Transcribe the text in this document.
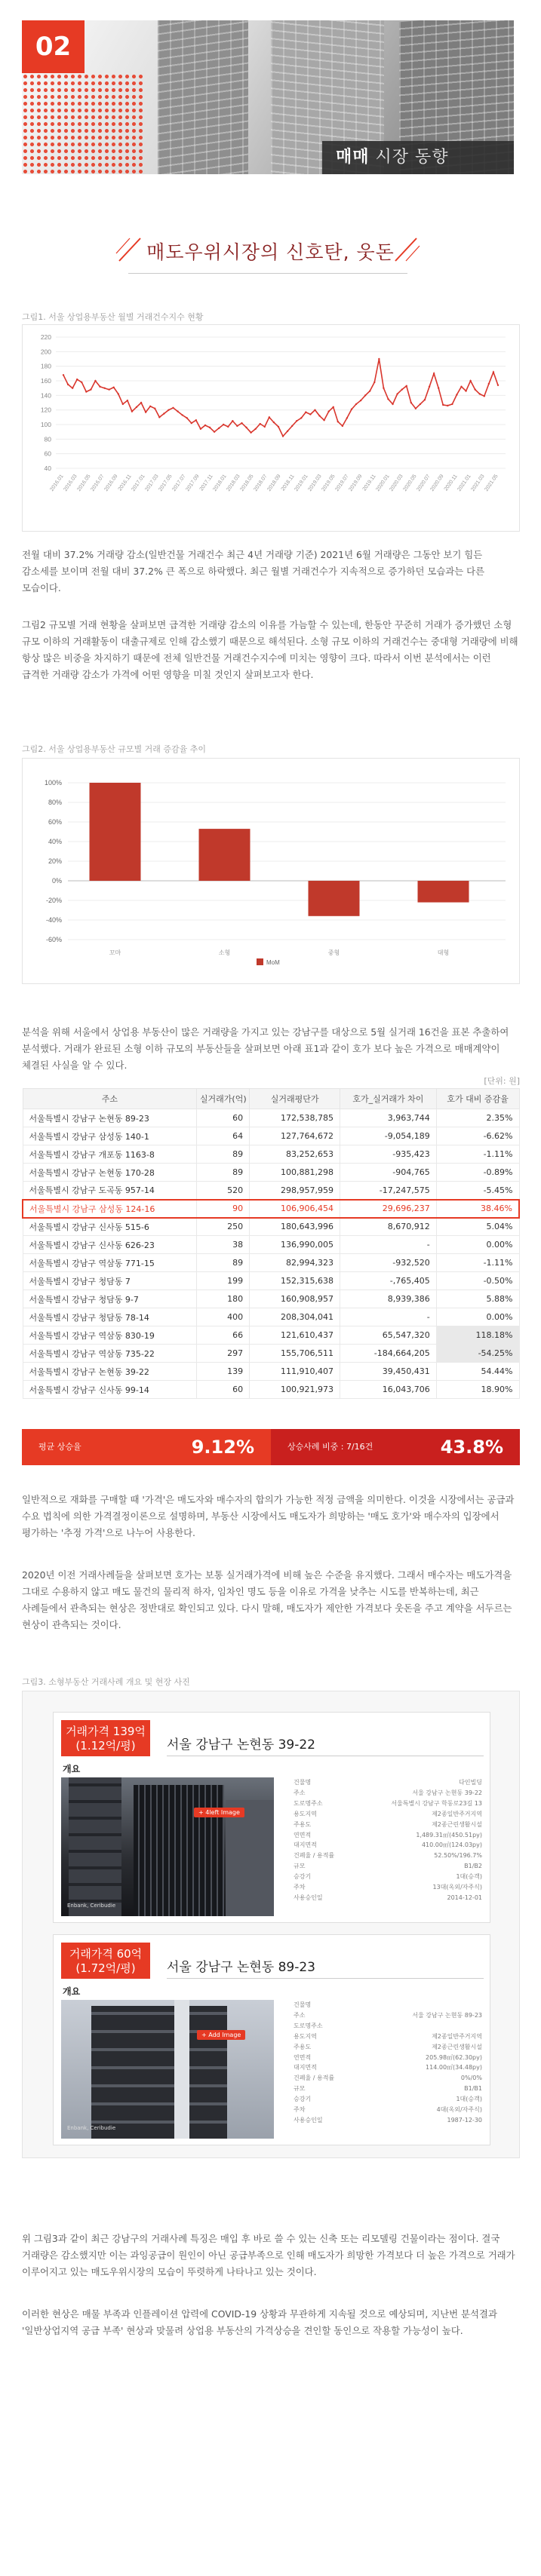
02
매매 시장 동향
매도우위시장의 신호탄, 웃돈
그림1. 서울 상업용부동산 월별 거래건수지수 현황
220
200
180
160
140
120
100
80
60
40
2016.01
2016.03
2016.05
2016.07
2016.09
2016.11
2017.01
2017.03
2017.05
2017.07
2017.09
2017.11
2018.01
2018.03
2018.05
2018.07
2018.09
2018.11
2019.01
2019.03
2019.05
2019.07
2019.09
2019.11
2020.01
2020.03
2020.05
2020.07
2020.09
2020.11
2021.01
2021.03
2021.05
전월 대비 37.2% 거래량 감소(일반건물 거래건수 최근 4년 거래량 기준) 2021년 6월 거래량은 그동안 보기 힘든 감소세를 보이며 전월 대비 37.2% 큰 폭으로 하락했다. 최근 월별 거래건수가 지속적으로 증가하던 모습과는 다른 모습이다.
그림2 규모별 거래 현황을 살펴보면 급격한 거래량 감소의 이유를 가늠할 수 있는데, 한동안 꾸준히 거래가 증가했던 소형 규모 이하의 거래활동이 대출규제로 인해 감소했기 때문으로 해석된다. 소형 규모 이하의 거래건수는 중대형 거래량에 비해 항상 많은 비중을 차지하기 때문에 전체 일반건물 거래건수지수에 미치는 영향이 크다. 따라서 이번 분석에서는 이런 급격한 거래량 감소가 가격에 어떤 영향을 미칠 것인지 살펴보고자 한다.
그림2. 서울 상업용부동산 규모별 거래 증감율 추이
100%
80%
60%
40%
20%
0%
-20%
-40%
-60%
꼬마	소형	중형	대형
MoM
분석을 위해 서울에서 상업용 부동산이 많은 거래량을 가지고 있는 강남구를 대상으로 5월 실거래 16건을 표본 추출하여 분석했다. 거래가 완료된 소형 이하 규모의 부동산들을 살펴보면 아래 표1과 같이 호가 보다 높은 가격으로 매매계약이 체결된 사실을 알 수 있다.
[단위: 원]
주소	실거래가(억)	실거래평단가	호가_실거래가 차이	호가 대비 증감율
서울특별시 강남구 논현동 89-23	60	172,538,785	3,963,744	2.35%
서울특별시 강남구 삼성동 140-1	64	127,764,672	-9,054,189	-6.62%
서울특별시 강남구 개포동 1163-8	89	83,252,653	-935,423	-1.11%
서울특별시 강남구 논현동 170-28	89	100,881,298	-904,765	-0.89%
서울특별시 강남구 도곡동 957-14	520	298,957,959	-17,247,575	-5.45%
서울특별시 강남구 삼성동 124-16	90	106,906,454	29,696,237	38.46%
서울특별시 강남구 신사동 515-6	250	180,643,996	8,670,912	5.04%
서울특별시 강남구 신사동 626-23	38	136,990,005	-	0.00%
서울특별시 강남구 역삼동 771-15	89	82,994,323	-932,520	-1.11%
서울특별시 강남구 청담동 7	199	152,315,638	-,765,405	-0.50%
서울특별시 강남구 청담동 9-7	180	160,908,957	8,939,386	5.88%
서울특별시 강남구 청담동 78-14	400	208,304,041	-	0.00%
서울특별시 강남구 역삼동 830-19	66	121,610,437	65,547,320	118.18%
서울특별시 강남구 역삼동 735-22	297	155,706,511	-184,664,205	-54.25%
서울특별시 강남구 논현동 39-22	139	111,910,407	39,450,431	54.44%
서울특별시 강남구 신사동 99-14	60	100,921,973	16,043,706	18.90%
평균 상승율	9.12%	상승사례 비중 : 7/16건	43.8%
일반적으로 재화를 구매할 때 '가격'은 매도자와 매수자의 합의가 가능한 적정 금액을 의미한다. 이것을 시장에서는 공급과 수요 법칙에 의한 가격결정이론으로 설명하며, 부동산 시장에서도 매도자가 희망하는 '매도 호가'와 매수자의 입장에서 평가하는 '추정 가격'으로 나누어 사용한다.
2020년 이전 거래사례들을 살펴보면 호가는 보통 실거래가격에 비해 높은 수준을 유지했다. 그래서 매수자는 매도가격을 그대로 수용하지 않고 매도 물건의 물리적 하자, 임차인 명도 등을 이유로 가격을 낮추는 시도를 반복하는데, 최근 사례들에서 관측되는 현상은 정반대로 확인되고 있다. 다시 말해, 매도자가 제안한 가격보다 웃돈을 주고 계약을 서두르는 현상이 관측되는 것이다.
그림3. 소형부동산 거래사례 개요 및 현장 사진
거래가격 139억
(1.12억/평)	서울 강남구 논현동 39-22
개요
+ 4left Image
Enbank, Ceribudie
건물명	다인빌딩
주소	서울 강남구 논현동 39-22
도로명주소	서울특별시 강남구 학동로23길 13
용도지역	제2종일반주거지역
주용도	제2종근린생활시설
연면적	1,489.31㎡(450.51py)
대지면적	410.00㎡(124.03py)
건폐율 / 용적률	52.50%/196.7%
규모	B1/B2
승강기	1대(승객)
주차	13대(옥외/자주식)
사용승인일	2014-12-01
거래가격 60억
(1.72억/평)	서울 강남구 논현동 89-23
개요
+ Add Image
Enbank, Ceribudie
건물명
주소	서울 강남구 논현동 89-23
도로명주소
용도지역	제2종일반주거지역
주용도	제2종근린생활시설
연면적	205.98㎡(62.30py)
대지면적	114.00㎡(34.48py)
건폐율 / 용적률	0%/0%
규모	B1/B1
승강기	1대(승객)
주차	4대(옥외/자주식)
사용승인일	1987-12-30
위 그림3과 같이 최근 강남구의 거래사례 특징은 매입 후 바로 쓸 수 있는 신축 또는 리모델링 건물이라는 점이다. 결국 거래량은 감소했지만 이는 과잉공급이 원인이 아닌 공급부족으로 인해 매도자가 희망한 가격보다 더 높은 가격으로 거래가 이루어지고 있는 매도우위시장의 모습이 뚜렷하게 나타나고 있는 것이다.
이러한 현상은 매물 부족과 인플레이션 압력에 COVID-19 상황과 무관하게 지속될 것으로 예상되며, 지난번 분석결과 '일반상업지역 공급 부족' 현상과 맞물려 상업용 부동산의 가격상승을 견인할 동인으로 작용할 가능성이 높다.
